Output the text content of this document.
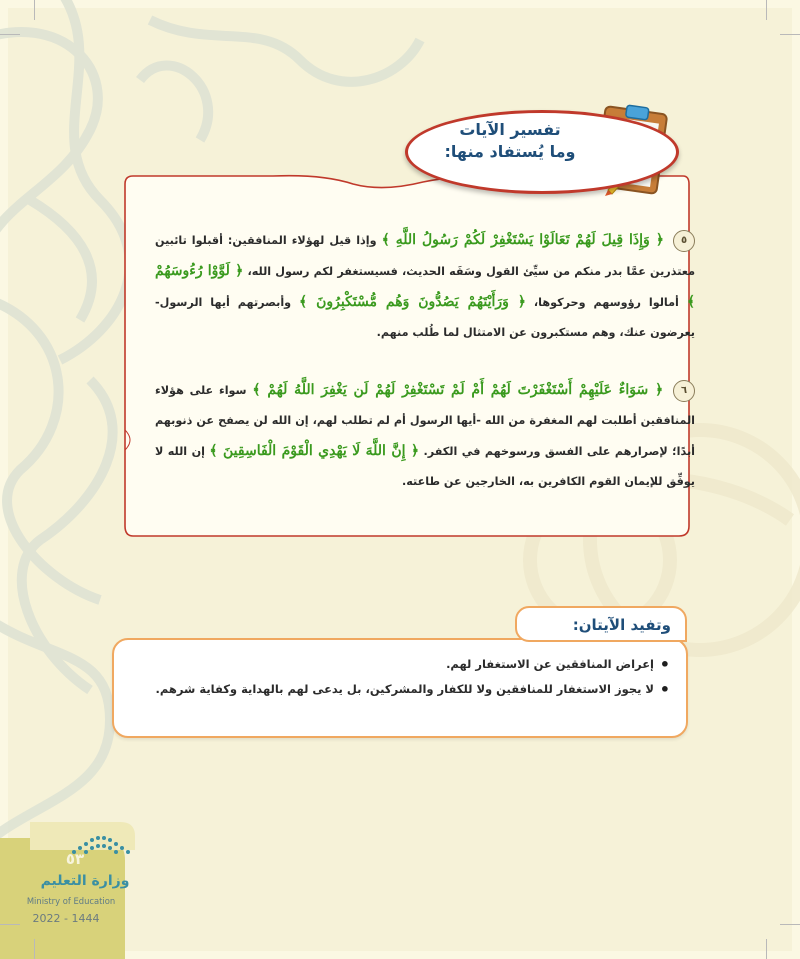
تفسير الآيات
وما يُستفاد منها:
٥ ﴿ وَإِذَا قِيلَ لَهُمْ تَعَالَوْا يَسْتَغْفِرْ لَكُمْ رَسُولُ اللَّهِ ﴾ وإذا قيل لهؤلاء المنافقين: أقبلوا تائبين معتذرين عمَّا بدر منكم من سيِّئ القول وسَفَه الحديث، فسيستغفر لكم رسول الله، ﴿ لَوَّوْا رُءُوسَهُمْ ﴾ أمالوا رؤوسهم وحركوها، ﴿ وَرَأَيْتَهُمْ يَصُدُّونَ وَهُم مُّسْتَكْبِرُونَ ﴾ وأبصرتهم أيها الرسول- يعرضون عنك، وهم مستكبرون عن الامتثال لما طُلب منهم.
٦ ﴿ سَوَاءٌ عَلَيْهِمْ أَسْتَغْفَرْتَ لَهُمْ أَمْ لَمْ تَسْتَغْفِرْ لَهُمْ لَن يَغْفِرَ اللَّهُ لَهُمْ ﴾ سواء على هؤلاء المنافقين أطلبت لهم المغفرة من الله -أيها الرسول أم لم تطلب لهم، إن الله لن يصفح عن ذنوبهم أبدًا؛ لإصرارهم على الفسق ورسوخهم في الكفر. ﴿ إِنَّ اللَّهَ لَا يَهْدِي الْقَوْمَ الْفَاسِقِينَ ﴾ إن الله لا يوفِّق للإيمان القوم الكافرين به، الخارجين عن طاعته.
وتفيد الآيتان:
• إعراض المنافقين عن الاستغفار لهم.
• لا يجوز الاستغفار للمنافقين ولا للكفار والمشركين، بل يدعى لهم بالهداية وكفاية شرهم.
٥٣
وزارة التعليم
Ministry of Education
2022 - 1444
